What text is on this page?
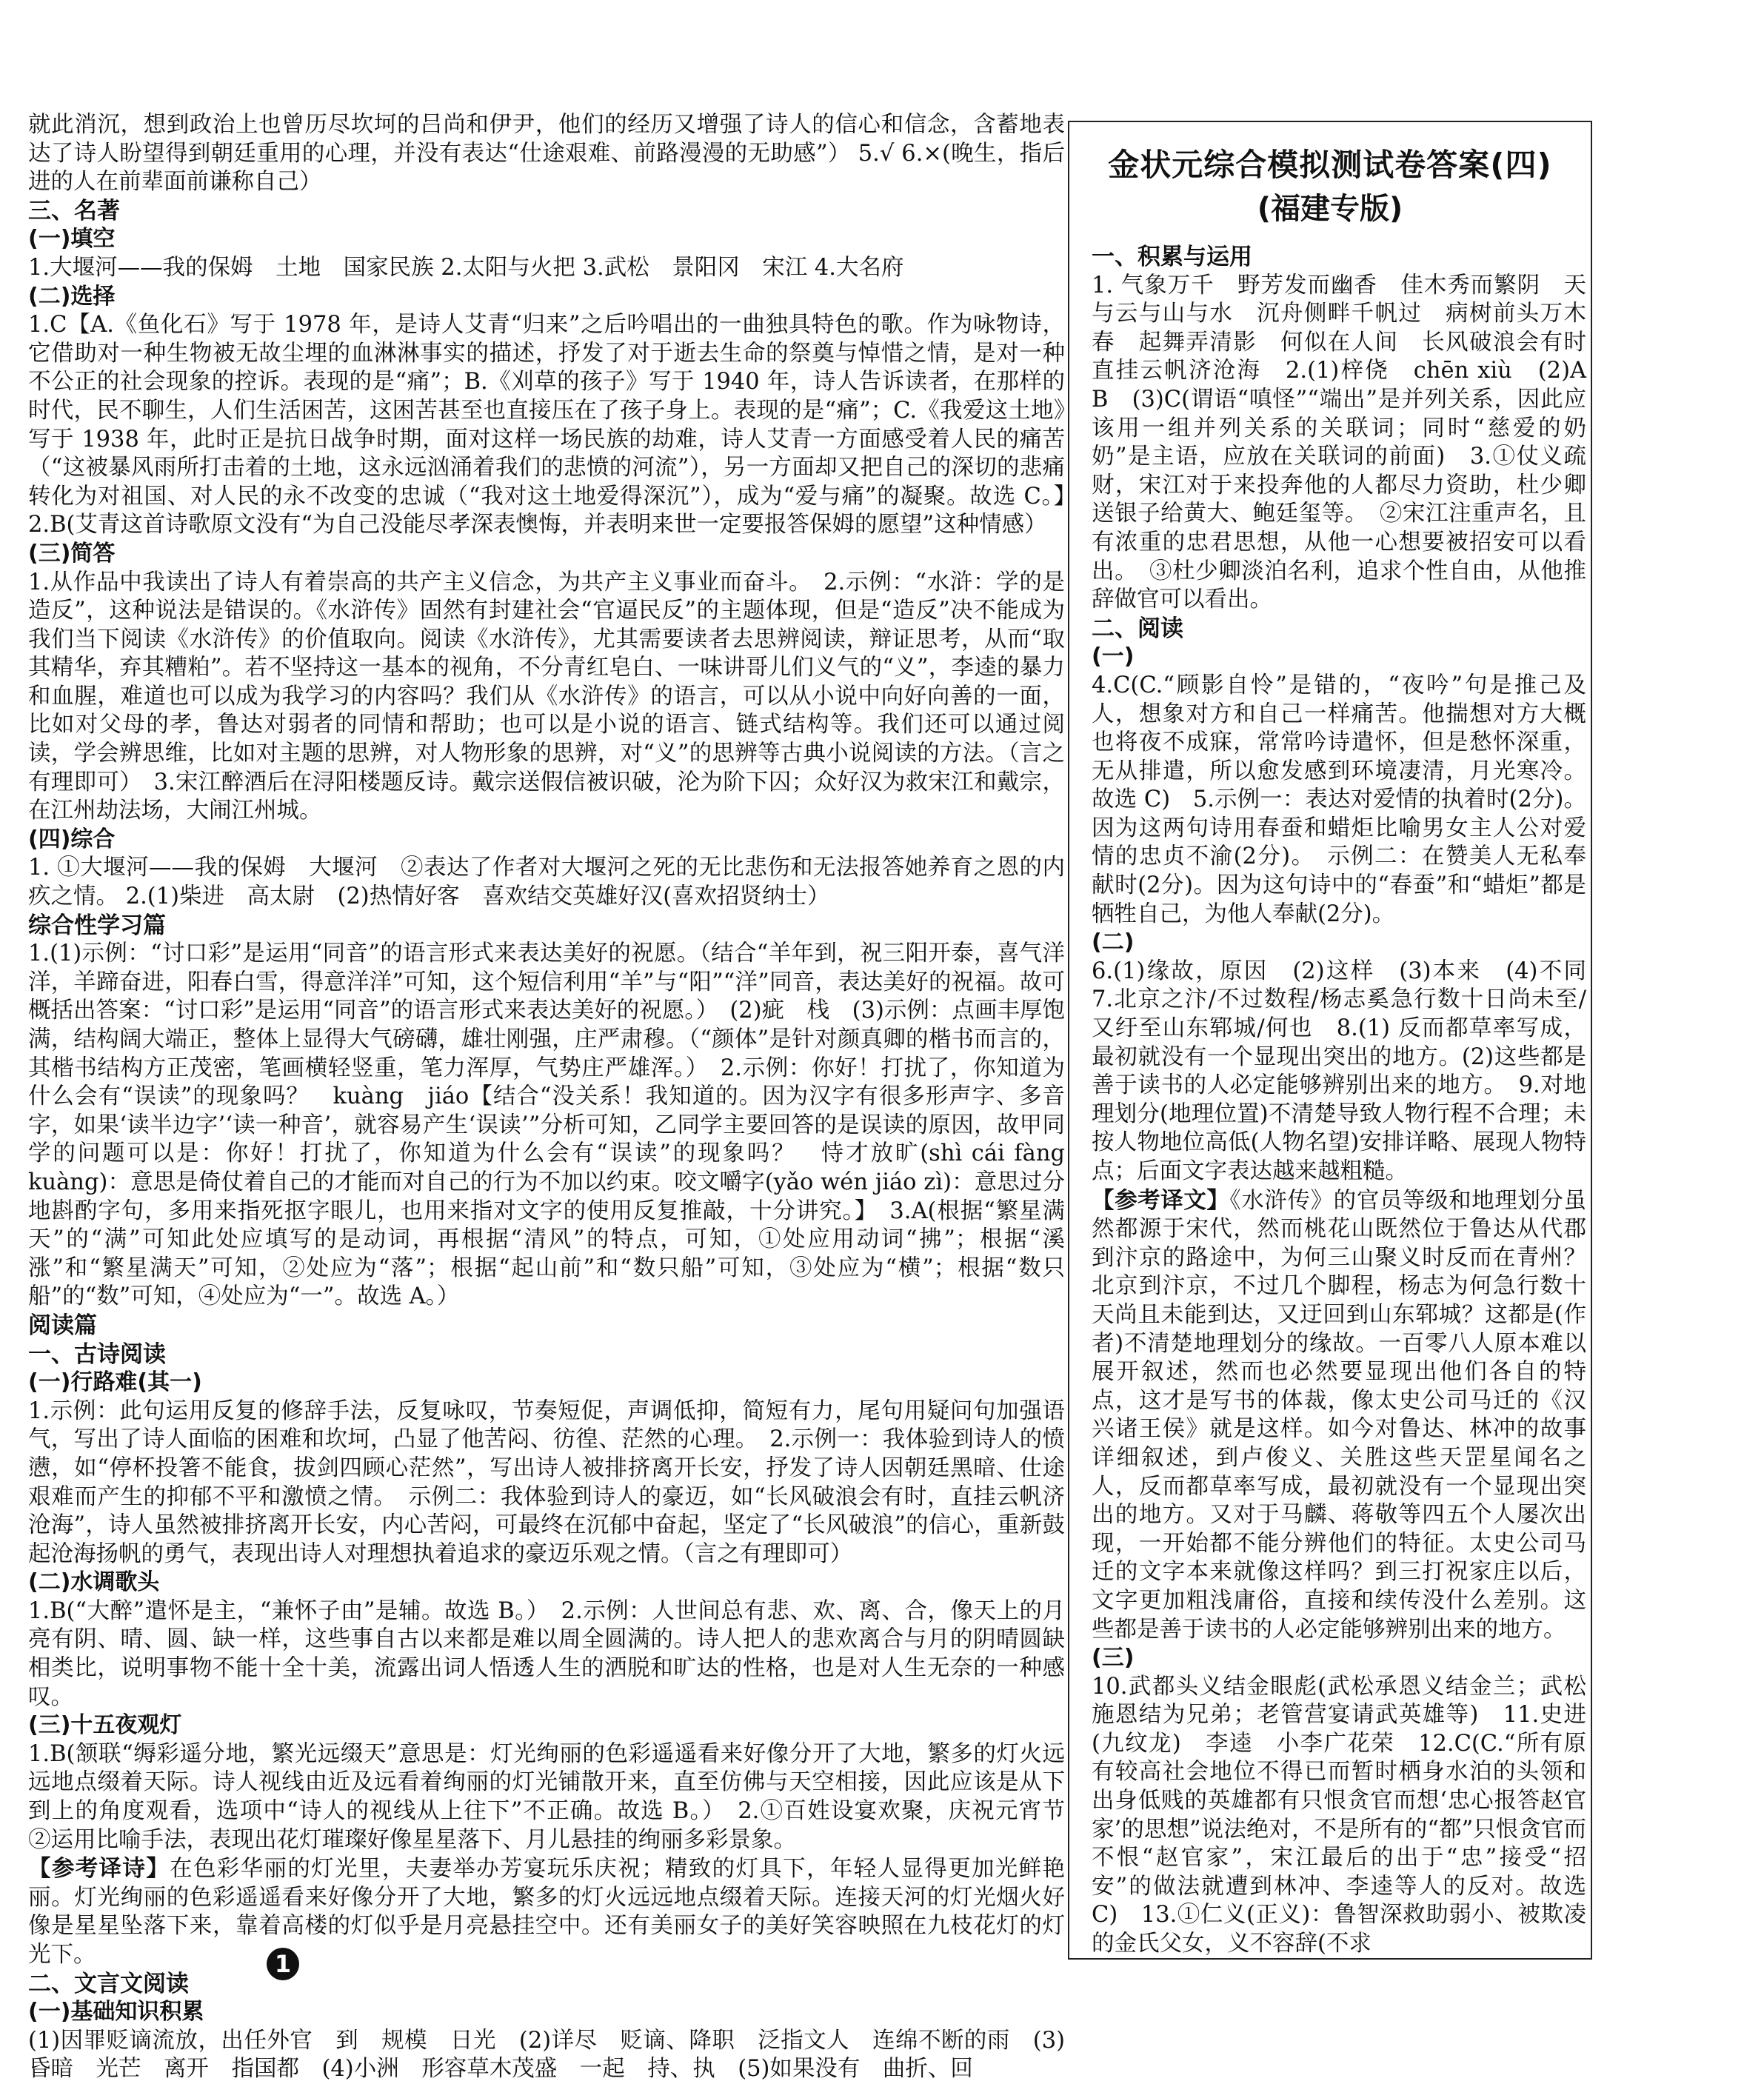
就此消沉，想到政治上也曾历尽坎坷的吕尚和伊尹，他们的经历又增强了诗人的信心和信念，含蓄地表达了诗人盼望得到朝廷重用的心理，并没有表达“仕途艰难、前路漫漫的无助感”） 5.√ 6.×(晚生，指后进的人在前辈面前谦称自己）

三、名著
(一)填空

1.大堰河——我的保姆　土地　国家民族 2.太阳与火把 3.武松　景阳冈　宋江 4.大名府

(二)选择

1.C【A.《鱼化石》写于 1978 年，是诗人艾青“归来”之后吟唱出的一曲独具特色的歌。作为咏物诗，它借助对一种生物被无故尘埋的血淋淋事实的描述，抒发了对于逝去生命的祭奠与悼惜之情，是对一种不公正的社会现象的控诉。表现的是“痛”；B.《刈草的孩子》写于 1940 年，诗人告诉读者，在那样的时代，民不聊生，人们生活困苦，这困苦甚至也直接压在了孩子身上。表现的是“痛”；C.《我爱这土地》写于 1938 年，此时正是抗日战争时期，面对这样一场民族的劫难，诗人艾青一方面感受着人民的痛苦（“这被暴风雨所打击着的土地，这永远汹涌着我们的悲愤的河流”），另一方面却又把自己的深切的悲痛转化为对祖国、对人民的永不改变的忠诚（“我对这土地爱得深沉”），成为“爱与痛”的凝聚。故选 C。】　2.B(艾青这首诗歌原文没有“为自己没能尽孝深表懊悔，并表明来世一定要报答保姆的愿望”这种情感）

(三)简答

1.从作品中我读出了诗人有着崇高的共产主义信念，为共产主义事业而奋斗。　2.示例：“水浒：学的是造反”，这种说法是错误的。《水浒传》固然有封建社会“官逼民反”的主题体现，但是“造反”决不能成为我们当下阅读《水浒传》的价值取向。阅读《水浒传》，尤其需要读者去思辨阅读，辩证思考，从而“取其精华，弃其糟粕”。若不坚持这一基本的视角，不分青红皂白、一味讲哥儿们义气的“义”，李逵的暴力和血腥，难道也可以成为我学习的内容吗？我们从《水浒传》的语言，可以从小说中向好向善的一面，比如对父母的孝，鲁达对弱者的同情和帮助；也可以是小说的语言、链式结构等。我们还可以通过阅读，学会辨思维，比如对主题的思辨，对人物形象的思辨，对“义”的思辨等古典小说阅读的方法。（言之有理即可）　3.宋江醉酒后在浔阳楼题反诗。戴宗送假信被识破，沦为阶下囚；众好汉为救宋江和戴宗，在江州劫法场，大闹江州城。

(四)综合

1. ①大堰河——我的保姆　大堰河　②表达了作者对大堰河之死的无比悲伤和无法报答她养育之恩的内疚之情。 2.(1)柴进　高太尉　(2)热情好客　喜欢结交英雄好汉(喜欢招贤纳士）

综合性学习篇

1.(1)示例：“讨口彩”是运用“同音”的语言形式来表达美好的祝愿。（结合“羊年到，祝三阳开泰，喜气洋洋，羊蹄奋进，阳春白雪，得意洋洋”可知，这个短信利用“羊”与“阳”“洋”同音，表达美好的祝福。故可概括出答案：“讨口彩”是运用“同音”的语言形式来表达美好的祝愿。）　(2)疵　栈　(3)示例：点画丰厚饱满，结构阔大端正，整体上显得大气磅礴，雄壮刚强，庄严肃穆。（“颜体”是针对颜真卿的楷书而言的，其楷书结构方正茂密，笔画横轻竖重，笔力浑厚，气势庄严雄浑。）　2.示例：你好！打扰了，你知道为什么会有“误读”的现象吗？　kuàng　jiáo【结合“没关系！我知道的。因为汉字有很多形声字、多音字，如果‘读半边字’‘读一种音’，就容易产生‘误读’”分析可知，乙同学主要回答的是误读的原因，故甲同学的问题可以是：你好！打扰了，你知道为什么会有“误读”的现象吗？　恃才放旷(shì cái fàng kuàng)：意思是倚仗着自己的才能而对自己的行为不加以约束。咬文嚼字(yǎo wén jiáo zì)：意思过分地斟酌字句，多用来指死抠字眼儿，也用来指对文字的使用反复推敲，十分讲究。】　3.A(根据“繁星满天”的“满”可知此处应填写的是动词，再根据“清风”的特点，可知，①处应用动词“拂”；根据“溪涨”和“繁星满天”可知，②处应为“落”；根据“起山前”和“数只船”可知，③处应为“横”；根据“数只船”的“数”可知，④处应为“一”。故选 A。）

阅读篇
一、古诗阅读
(一)行路难(其一)

1.示例：此句运用反复的修辞手法，反复咏叹，节奏短促，声调低抑，简短有力，尾句用疑问句加强语气，写出了诗人面临的困难和坎坷，凸显了他苦闷、彷徨、茫然的心理。　2.示例一：我体验到诗人的愤懑，如“停杯投箸不能食，拔剑四顾心茫然”，写出诗人被排挤离开长安，抒发了诗人因朝廷黑暗、仕途艰难而产生的抑郁不平和激愤之情。　示例二：我体验到诗人的豪迈，如“长风破浪会有时，直挂云帆济沧海”，诗人虽然被排挤离开长安，内心苦闷，可最终在沉郁中奋起，坚定了“长风破浪”的信心，重新鼓起沧海扬帆的勇气，表现出诗人对理想执着追求的豪迈乐观之情。（言之有理即可）

(二)水调歌头

1.B(“大醉”遣怀是主，“兼怀子由”是辅。故选 B。）　2.示例：人世间总有悲、欢、离、合，像天上的月亮有阴、晴、圆、缺一样，这些事自古以来都是难以周全圆满的。诗人把人的悲欢离合与月的阴晴圆缺相类比，说明事物不能十全十美，流露出词人悟透人生的洒脱和旷达的性格，也是对人生无奈的一种感叹。

(三)十五夜观灯

1.B(颔联“缛彩遥分地，繁光远缀天”意思是：灯光绚丽的色彩遥遥看来好像分开了大地，繁多的灯火远远地点缀着天际。诗人视线由近及远看着绚丽的灯光铺散开来，直至仿佛与天空相接，因此应该是从下到上的角度观看，选项中“诗人的视线从上往下”不正确。故选 B。）　2.①百姓设宴欢聚，庆祝元宵节　②运用比喻手法，表现出花灯璀璨好像星星落下、月儿悬挂的绚丽多彩景象。

【参考译诗】在色彩华丽的灯光里，夫妻举办芳宴玩乐庆祝；精致的灯具下，年轻人显得更加光鲜艳丽。灯光绚丽的色彩遥遥看来好像分开了大地，繁多的灯火远远地点缀着天际。连接天河的灯光烟火好像是星星坠落下来，靠着高楼的灯似乎是月亮悬挂空中。还有美丽女子的美好笑容映照在九枝花灯的灯光下。

二、文言文阅读
(一)基础知识积累

(1)因罪贬谪流放，出任外官　到　规模　日光　(2)详尽　贬谪、降职　泛指文人　连绵不断的雨　(3)昏暗　光芒　离开　指国都　(4)小洲　形容草木茂盛　一起　持、执　(5)如果没有　曲折、回

金状元综合模拟测试卷答案(四)
(福建专版)
一、积累与运用

1. 气象万千　野芳发而幽香　佳木秀而繁阴　天与云与山与水　沉舟侧畔千帆过　病树前头万木春　起舞弄清影　何似在人间　长风破浪会有时　直挂云帆济沧海　2.(1)梓侥　chēn xiù　(2)A　B　(3)C(谓语“嗔怪”“端出”是并列关系，因此应该用一组并列关系的关联词；同时“慈爱的奶奶”是主语，应放在关联词的前面)　3.①仗义疏财，宋江对于来投奔他的人都尽力资助，杜少卿送银子给黄大、鲍廷玺等。　②宋江注重声名，且有浓重的忠君思想，从他一心想要被招安可以看出。　③杜少卿淡泊名利，追求个性自由，从他推辞做官可以看出。

二、阅读
(一)

4.C(C.“顾影自怜”是错的，“夜吟”句是推己及人，想象对方和自己一样痛苦。他揣想对方大概也将夜不成寐，常常吟诗遣怀，但是愁怀深重，无从排遣，所以愈发感到环境凄清，月光寒冷。故选 C)　5.示例一：表达对爱情的执着时(2分)。因为这两句诗用春蚕和蜡炬比喻男女主人公对爱情的忠贞不渝(2分)。　示例二：在赞美人无私奉献时(2分)。因为这句诗中的“春蚕”和“蜡炬”都是牺牲自己，为他人奉献(2分)。

(二)

6.(1)缘故，原因　(2)这样　(3)本来　(4)不同　7.北京之汴/不过数程/杨志奚急行数十日尚未至/又纡至山东郓城/何也　8.(1) 反而都草率写成，最初就没有一个显现出突出的地方。(2)这些都是善于读书的人必定能够辨别出来的地方。　9.对地理划分(地理位置)不清楚导致人物行程不合理；未按人物地位高低(人物名望)安排详略、展现人物特点；后面文字表达越来越粗糙。

【参考译文】《水浒传》的官员等级和地理划分虽然都源于宋代，然而桃花山既然位于鲁达从代郡到汴京的路途中，为何三山聚义时反而在青州？北京到汴京，不过几个脚程，杨志为何急行数十天尚且未能到达，又迂回到山东郓城？这都是(作者)不清楚地理划分的缘故。一百零八人原本难以展开叙述，然而也必然要显现出他们各自的特点，这才是写书的体裁，像太史公司马迁的《汉兴诸王侯》就是这样。如今对鲁达、林冲的故事详细叙述，到卢俊义、关胜这些天罡星闻名之人，反而都草率写成，最初就没有一个显现出突出的地方。又对于马麟、蒋敬等四五个人屡次出现，一开始都不能分辨他们的特征。太史公司马迁的文字本来就像这样吗？到三打祝家庄以后，文字更加粗浅庸俗，直接和续传没什么差别。这些都是善于读书的人必定能够辨别出来的地方。

(三)

10.武都头义结金眼彪(武松承恩义结金兰；武松施恩结为兄弟；老管营宴请武英雄等)　11.史进(九纹龙)　李逵　小李广花荣　12.C(C.“所有原有较高社会地位不得已而暂时栖身水泊的头领和出身低贱的英雄都有只恨贪官而想‘忠心报答赵官家’的思想”说法绝对，不是所有的“都”只恨贪官而不恨“赵官家”，宋江最后的出于“忠”接受“招安”的做法就遭到林冲、李逵等人的反对。故选 C)　13.①仁义(正义)：鲁智深救助弱小、被欺凌的金氏父女，义不容辞(不求

1
